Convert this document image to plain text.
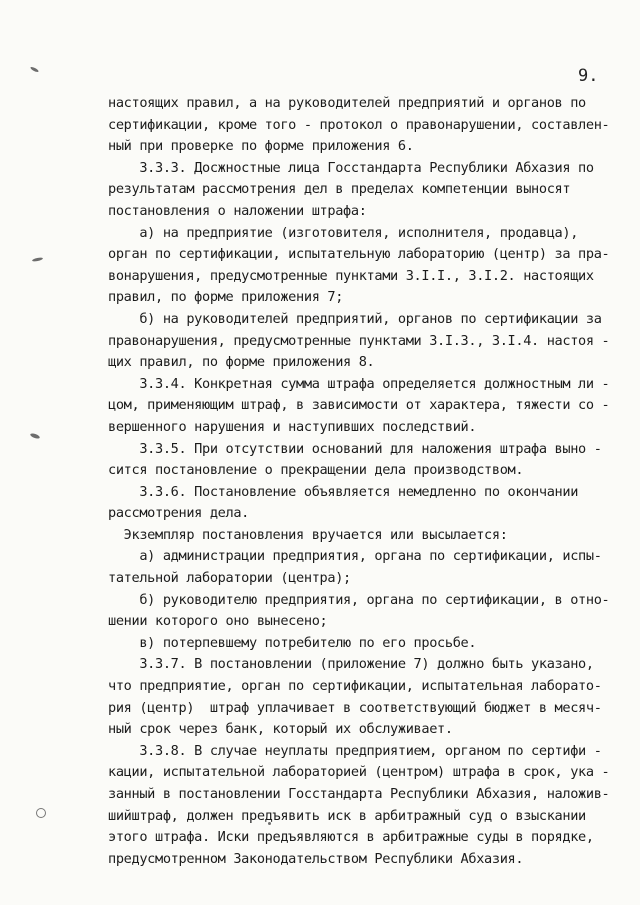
9.
настоящих правил, а на руководителей предприятий и органов по
сертификации, кроме того - протокол о правонарушении, составлен-
ный при проверке по форме приложения 6.
3.3.3. Досжностные лица Госстандарта Республики Абхазия по
результатам рассмотрения дел в пределах компетенции выносят
постановления о наложении штрафа:
а) на предприятие (изготовителя, исполнителя, продавца),
орган по сертификации, испытательную лабораторию (центр) за пра-
вонарушения, предусмотренные пунктами 3.I.I., 3.I.2. настоящих
правил, по форме приложения 7;
б) на руководителей предприятий, органов по сертификации за
правонарушения, предусмотренные пунктами 3.I.3., 3.I.4. настоя -
щих правил, по форме приложения 8.
3.3.4. Конкретная сумма штрафа определяется должностным ли -
цом, применяющим штраф, в зависимости от характера, тяжести со -
вершенного нарушения и наступивших последствий.
3.3.5. При отсутствии оснований для наложения штрафа выно -
сится постановление о прекращении дела производством.
3.3.6. Постановление объявляется немедленно по окончании
рассмотрения дела.
Экземпляр постановления вручается или высылается:
а) администрации предприятия, органа по сертификации, испы-
тательной лаборатории (центра);
б) руководителю предприятия, органа по сертификации, в отно-
шении которого оно вынесено;
в) потерпевшему потребителю по его просьбе.
3.3.7. В постановлении (приложение 7) должно быть указано,
что предприятие, орган по сертификации, испытательная лаборато-
рия (центр)  штраф уплачивает в соответствующий бюджет в месяч-
ный срок через банк, который их обслуживает.
3.3.8. В случае неуплаты предприятием, органом по сертифи -
кации, испытательной лабораторией (центром) штрафа в срок, ука -
занный в постановлении Госстандарта Республики Абхазия, наложив-
шийштраф, должен предъявить иск в арбитражный суд о взыскании
этого штрафа. Иски предъявляются в арбитражные суды в порядке,
предусмотренном Законодательством Республики Абхазия.
